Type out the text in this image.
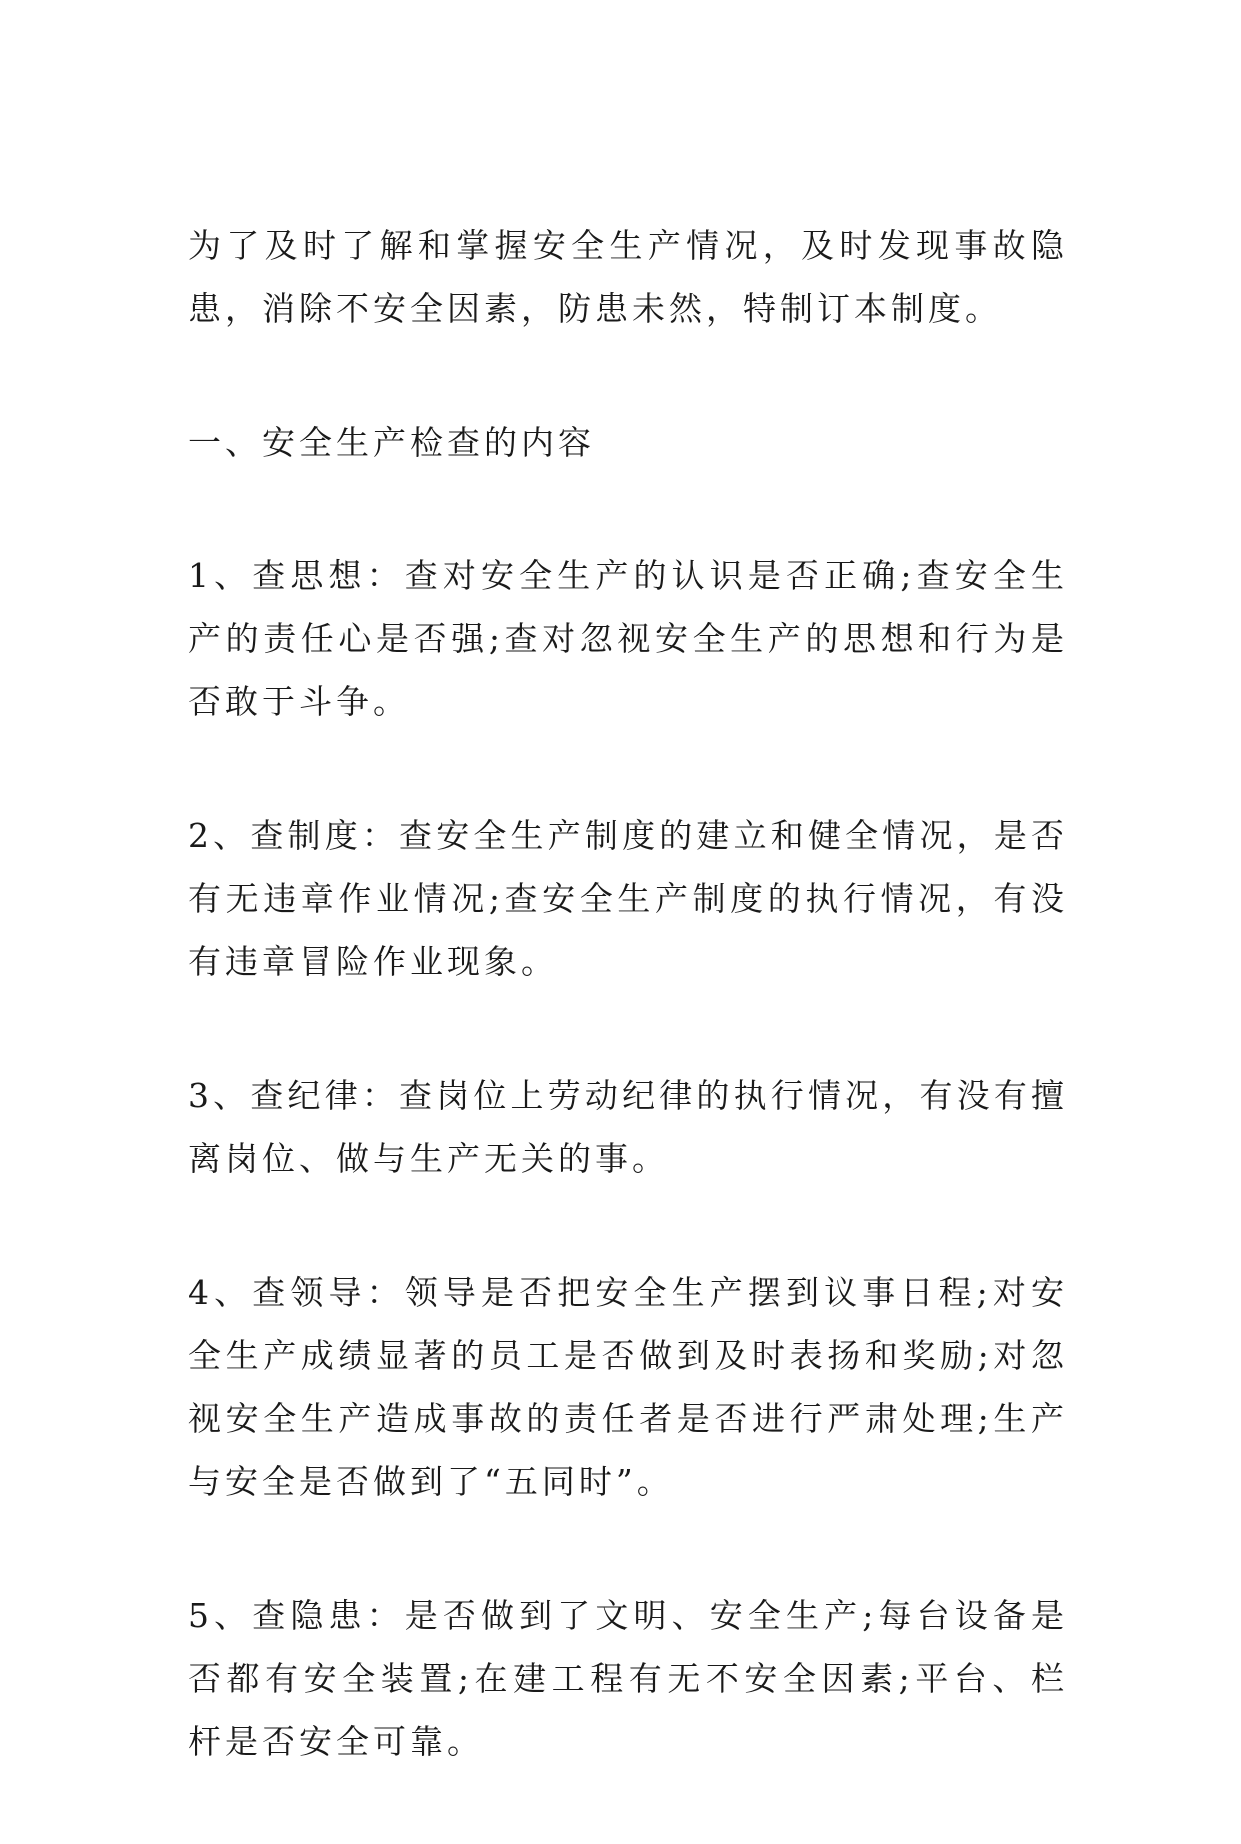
为了及时了解和掌握安全生产情况，及时发现事故隐患，消除不安全因素，防患未然，特制订本制度。

一、安全生产检查的内容

1、查思想：查对安全生产的认识是否正确;查安全生产的责任心是否强;查对忽视安全生产的思想和行为是否敢于斗争。

2、查制度：查安全生产制度的建立和健全情况，是否有无违章作业情况;查安全生产制度的执行情况，有没有违章冒险作业现象。

3、查纪律：查岗位上劳动纪律的执行情况，有没有擅离岗位、做与生产无关的事。

4、查领导：领导是否把安全生产摆到议事日程;对安全生产成绩显著的员工是否做到及时表扬和奖励;对忽视安全生产造成事故的责任者是否进行严肃处理;生产与安全是否做到了“五同时”。

5、查隐患：是否做到了文明、安全生产;每台设备是否都有安全装置;在建工程有无不安全因素;平台、栏杆是否安全可靠。
